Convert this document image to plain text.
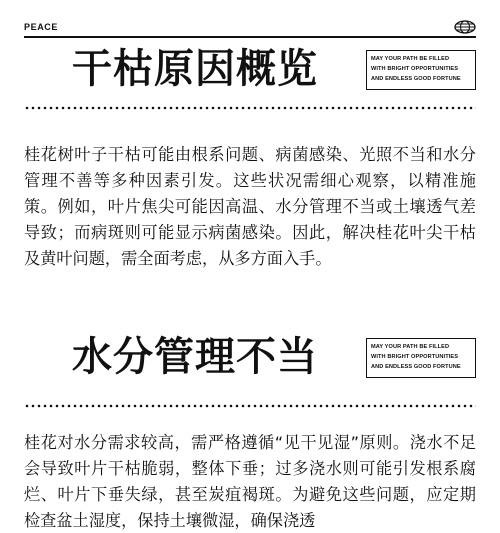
PEACE
干枯原因概览	MAY YOUR PATH BE FILLED
WITH BRIGHT OPPORTUNITIES
AND ENDLESS GOOD FORTUNE

桂花树叶子干枯可能由根系问题、病菌感染、光照不当和水分管理不善等多种因素引发。这些状况需细心观察，以精准施策。例如，叶片焦尖可能因高温、水分管理不当或土壤透气差导致；而病斑则可能显示病菌感染。因此，解决桂花叶尖干枯及黄叶问题，需全面考虑，从多方面入手。

水分管理不当	MAY YOUR PATH BE FILLED
WITH BRIGHT OPPORTUNITIES
AND ENDLESS GOOD FORTUNE

桂花对水分需求较高，需严格遵循“见干见湿”原则。浇水不足会导致叶片干枯脆弱，整体下垂；过多浇水则可能引发根系腐烂、叶片下垂失绿，甚至炭疽褐斑。为避免这些问题，应定期检查盆土湿度，保持土壤微湿，确保浇透
